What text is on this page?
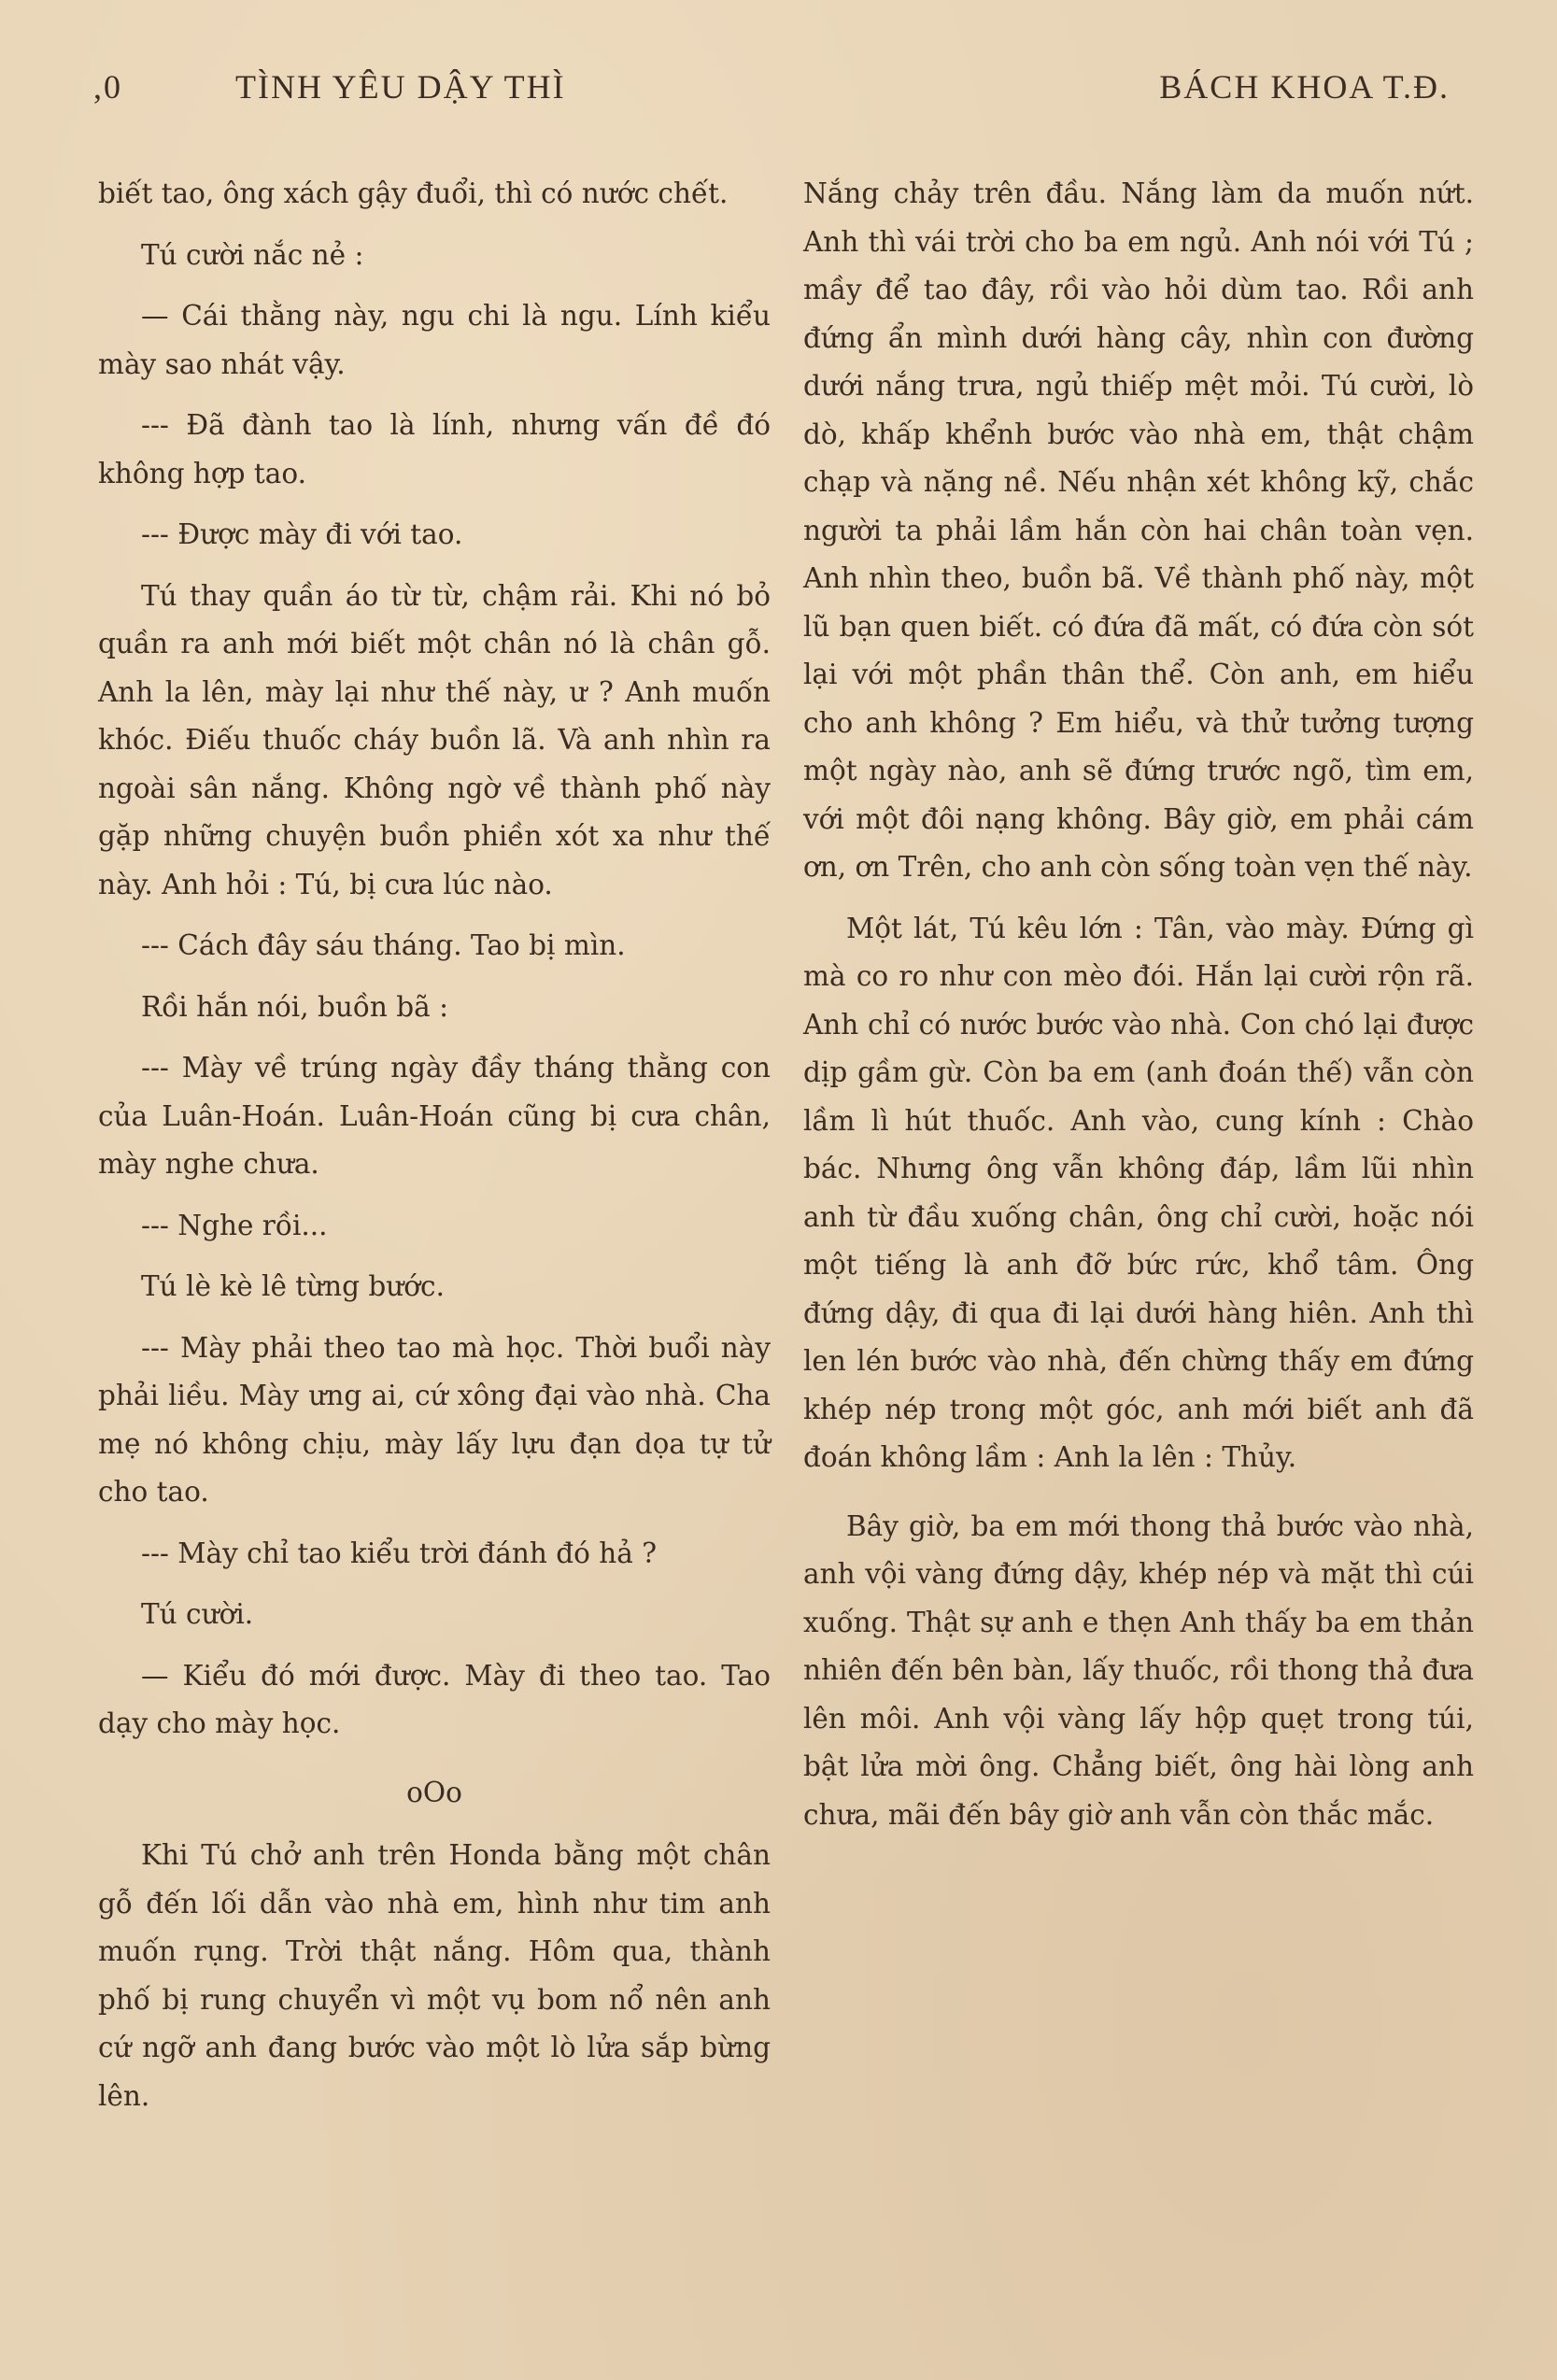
,0	TÌNH YÊU DẬY THÌ	BÁCH KHOA T.Đ.

biết tao, ông xách gậy đuổi, thì có nước chết.

Tú cười nắc nẻ :

— Cái thằng này, ngu chi là ngu. Lính kiểu mày sao nhát vậy.

--- Đã đành tao là lính, nhưng vấn đề đó không hợp tao.

--- Được mày đi với tao.

Tú thay quần áo từ từ, chậm rải. Khi nó bỏ quần ra anh mới biết một chân nó là chân gỗ. Anh la lên, mày lại như thế này, ư ? Anh muốn khóc. Điếu thuốc cháy buồn lã. Và anh nhìn ra ngoài sân nắng. Không ngờ về thành phố này gặp những chuyện buồn phiền xót xa như thế này. Anh hỏi : Tú, bị cưa lúc nào.

--- Cách đây sáu tháng. Tao bị mìn.

Rồi hắn nói, buồn bã :

--- Mày về trúng ngày đầy tháng thằng con của Luân-Hoán. Luân-Hoán cũng bị cưa chân, mày nghe chưa.

--- Nghe rồi...

Tú lè kè lê từng bước.

--- Mày phải theo tao mà học. Thời buổi này phải liều. Mày ưng ai, cứ xông đại vào nhà. Cha mẹ nó không chịu, mày lấy lựu đạn dọa tự tử cho tao.

--- Mày chỉ tao kiểu trời đánh đó hả ?

Tú cười.

— Kiểu đó mới được. Mày đi theo tao. Tao dạy cho mày học.

oOo

Khi Tú chở anh trên Honda bằng một chân gỗ đến lối dẫn vào nhà em, hình như tim anh muốn rụng. Trời thật nắng. Hôm qua, thành phố bị rung chuyển vì một vụ bom nổ nên anh cứ ngỡ anh đang bước vào một lò lửa sắp bừng lên.

Nắng chảy trên đầu. Nắng làm da muốn nứt. Anh thì vái trời cho ba em ngủ. Anh nói với Tú ; mầy để tao đây, rồi vào hỏi dùm tao. Rồi anh đứng ẩn mình dưới hàng cây, nhìn con đường dưới nắng trưa, ngủ thiếp mệt mỏi. Tú cười, lò dò, khấp khểnh bước vào nhà em, thật chậm chạp và nặng nề. Nếu nhận xét không kỹ, chắc người ta phải lầm hắn còn hai chân toàn vẹn. Anh nhìn theo, buồn bã. Về thành phố này, một lũ bạn quen biết. có đứa đã mất, có đứa còn sót lại với một phần thân thể. Còn anh, em hiểu cho anh không ? Em hiểu, và thử tưởng tượng một ngày nào, anh sẽ đứng trước ngõ, tìm em, với một đôi nạng không. Bây giờ, em phải cám ơn, ơn Trên, cho anh còn sống toàn vẹn thế này.

Một lát, Tú kêu lớn : Tân, vào mày. Đứng gì mà co ro như con mèo đói. Hắn lại cười rộn rã. Anh chỉ có nước bước vào nhà. Con chó lại được dịp gầm gừ. Còn ba em (anh đoán thế) vẫn còn lầm lì hút thuốc. Anh vào, cung kính : Chào bác. Nhưng ông vẫn không đáp, lầm lũi nhìn anh từ đầu xuống chân, ông chỉ cười, hoặc nói một tiếng là anh đỡ bức rức, khổ tâm. Ông đứng dậy, đi qua đi lại dưới hàng hiên. Anh thì len lén bước vào nhà, đến chừng thấy em đứng khép nép trong một góc, anh mới biết anh đã đoán không lầm : Anh la lên : Thủy.

Bây giờ, ba em mới thong thả bước vào nhà, anh vội vàng đứng dậy, khép nép và mặt thì cúi xuống. Thật sự anh e thẹn Anh thấy ba em thản nhiên đến bên bàn, lấy thuốc, rồi thong thả đưa lên môi. Anh vội vàng lấy hộp quẹt trong túi, bật lửa mời ông. Chẳng biết, ông hài lòng anh chưa, mãi đến bây giờ anh vẫn còn thắc mắc.
